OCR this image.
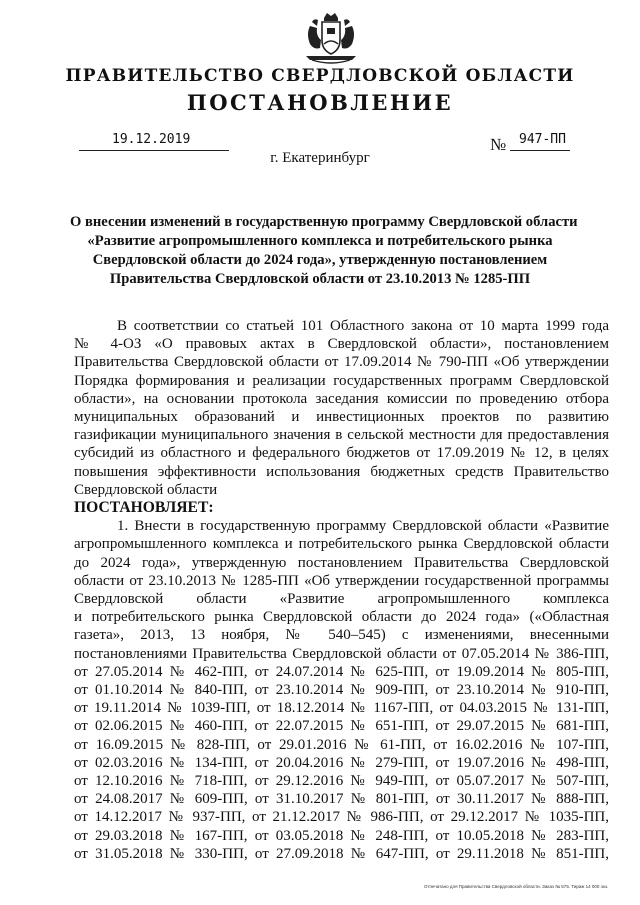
ПРАВИТЕЛЬСТВО СВЕРДЛОВСКОЙ ОБЛАСТИ
ПОСТАНОВЛЕНИЕ
19.12.2019	№ 947-ПП
г. Екатеринбург
О внесении изменений в государственную программу Свердловской области
«Развитие агропромышленного комплекса и потребительского рынка
Свердловской области до 2024 года», утвержденную постановлением
Правительства Свердловской области от 23.10.2013 № 1285-ПП
В соответствии со статьей 101 Областного закона от 10 марта 1999 года
№ 4-ОЗ «О правовых актах в Свердловской области», постановлением
Правительства Свердловской области от 17.09.2014 № 790-ПП «Об утверждении
Порядка формирования и реализации государственных программ Свердловской
области», на основании протокола заседания комиссии по проведению отбора
муниципальных образований и инвестиционных проектов по развитию
газификации муниципального значения в сельской местности для предоставления
субсидий из областного и федерального бюджетов от 17.09.2019 № 12, в целях
повышения эффективности использования бюджетных средств Правительство
Свердловской области
ПОСТАНОВЛЯЕТ:
1. Внести в государственную программу Свердловской области «Развитие
агропромышленного комплекса и потребительского рынка Свердловской области
до 2024 года», утвержденную постановлением Правительства Свердловской
области от 23.10.2013 № 1285-ПП «Об утверждении государственной программы
Свердловской области «Развитие агропромышленного комплекса
и потребительского рынка Свердловской области до 2024 года» («Областная
газета», 2013, 13 ноября, № 540–545) с изменениями, внесенными
постановлениями Правительства Свердловской области от 07.05.2014 № 386-ПП,
от 27.05.2014 № 462-ПП, от 24.07.2014 № 625-ПП, от 19.09.2014 № 805-ПП,
от 01.10.2014 № 840-ПП, от 23.10.2014 № 909-ПП, от 23.10.2014 № 910-ПП,
от 19.11.2014 № 1039-ПП, от 18.12.2014 № 1167-ПП, от 04.03.2015 № 131-ПП,
от 02.06.2015 № 460-ПП, от 22.07.2015 № 651-ПП, от 29.07.2015 № 681-ПП,
от 16.09.2015 № 828-ПП, от 29.01.2016 № 61-ПП, от 16.02.2016 № 107-ПП,
от 02.03.2016 № 134-ПП, от 20.04.2016 № 279-ПП, от 19.07.2016 № 498-ПП,
от 12.10.2016 № 718-ПП, от 29.12.2016 № 949-ПП, от 05.07.2017 № 507-ПП,
от 24.08.2017 № 609-ПП, от 31.10.2017 № 801-ПП, от 30.11.2017 № 888-ПП,
от 14.12.2017 № 937-ПП, от 21.12.2017 № 986-ПП, от 29.12.2017 № 1035-ПП,
от 29.03.2018 № 167-ПП, от 03.05.2018 № 248-ПП, от 10.05.2018 № 283-ПП,
от 31.05.2018 № 330-ПП, от 27.09.2018 № 647-ПП, от 29.11.2018 № 851-ПП,
Отпечатано для Правительства Свердловской области. Заказ № 575. Тираж 14 000 экз.
